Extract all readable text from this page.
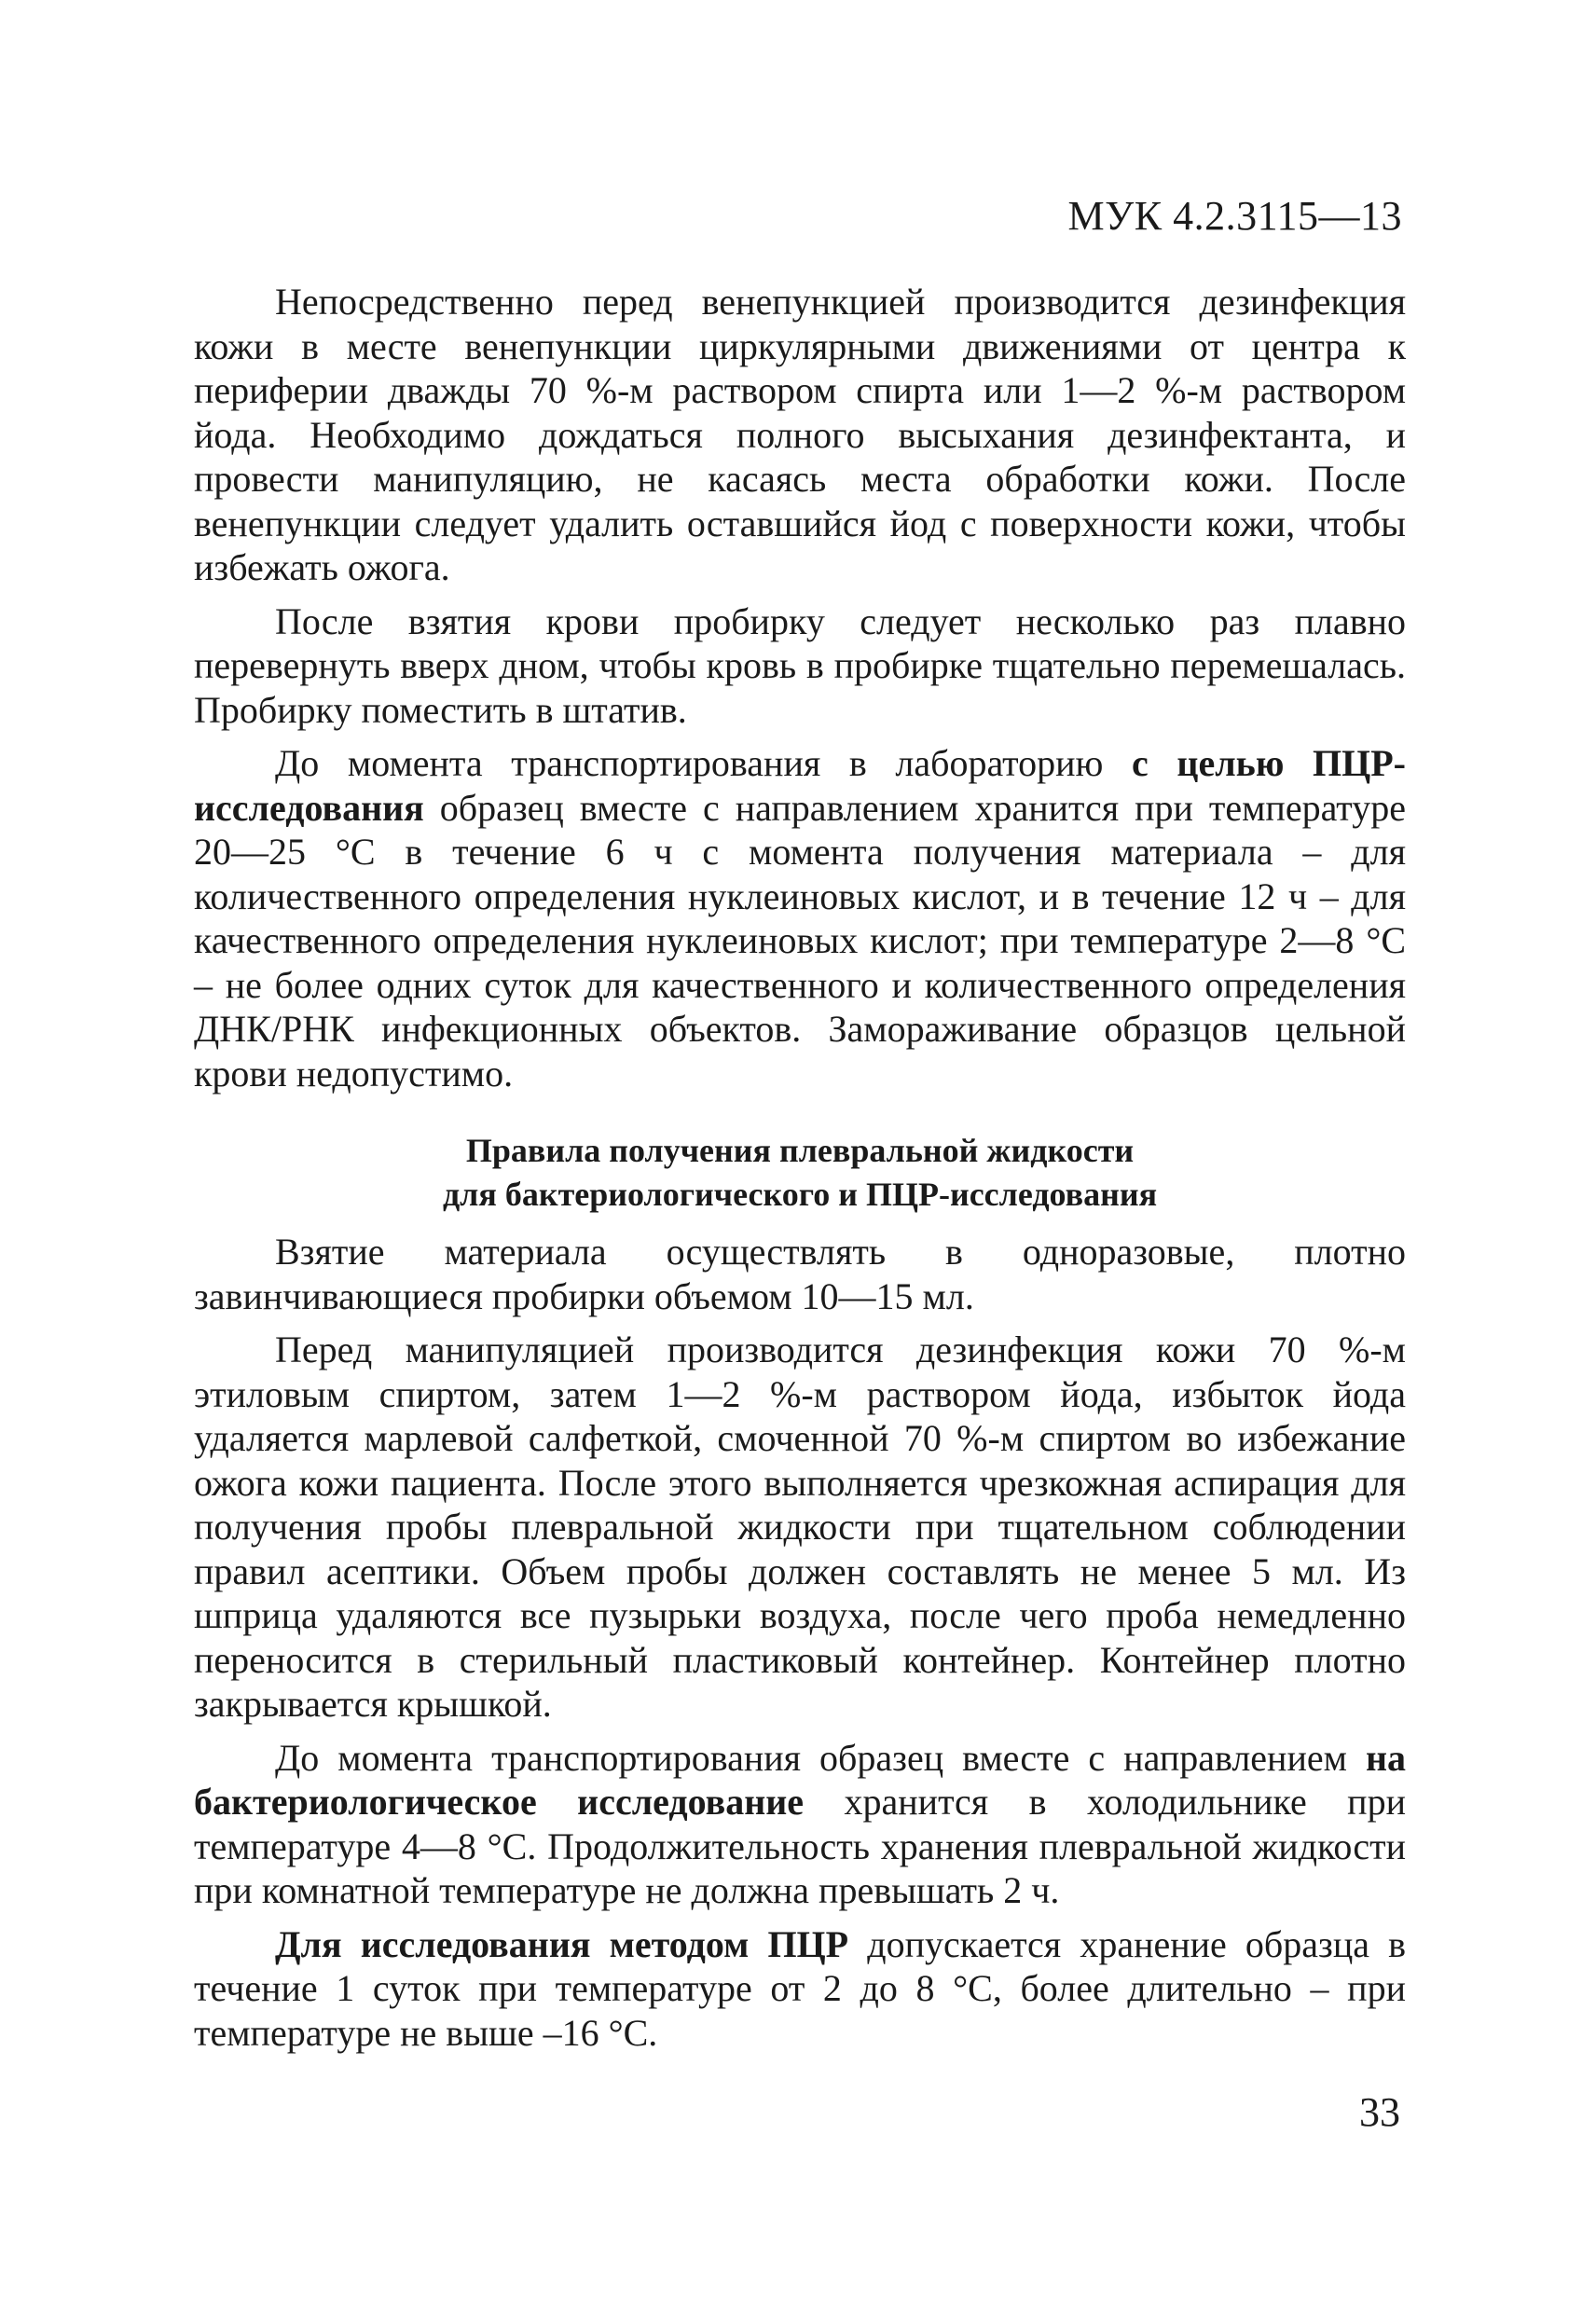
МУК 4.2.3115—13

Непосредственно перед венепункцией производится дезинфекция кожи в месте венепункции циркулярными движениями от центра к периферии дважды 70 %-м раствором спирта или 1—2 %-м раствором йода. Необходимо дождаться полного высыхания дезинфектанта, и провести манипуляцию, не касаясь места обработки кожи. После венепункции следует удалить оставшийся йод с поверхности кожи, чтобы избежать ожога.

После взятия крови пробирку следует несколько раз плавно перевернуть вверх дном, чтобы кровь в пробирке тщательно перемешалась. Пробирку поместить в штатив.

До момента транспортирования в лабораторию с целью ПЦР-исследования образец вместе с направлением хранится при температуре 20—25 °С в течение 6 ч с момента получения материала – для количественного определения нуклеиновых кислот, и в течение 12 ч – для качественного определения нуклеиновых кислот; при температуре 2—8 °С – не более одних суток для качественного и количественного определения ДНК/РНК инфекционных объектов. Замораживание образцов цельной крови недопустимо.

Правила получения плевральной жидкости
для бактериологического и ПЦР-исследования

Взятие материала осуществлять в одноразовые, плотно завинчивающиеся пробирки объемом 10—15 мл.

Перед манипуляцией производится дезинфекция кожи 70 %-м этиловым спиртом, затем 1—2 %-м раствором йода, избыток йода удаляется марлевой салфеткой, смоченной 70 %-м спиртом во избежание ожога кожи пациента. После этого выполняется чрезкожная аспирация для получения пробы плевральной жидкости при тщательном соблюдении правил асептики. Объем пробы должен составлять не менее 5 мл. Из шприца удаляются все пузырьки воздуха, после чего проба немедленно переносится в стерильный пластиковый контейнер. Контейнер плотно закрывается крышкой.

До момента транспортирования образец вместе с направлением на бактериологическое исследование хранится в холодильнике при температуре 4—8 °С. Продолжительность хранения плевральной жидкости при комнатной температуре не должна превышать 2 ч.

Для исследования методом ПЦР допускается хранение образца в течение 1 суток при температуре от 2 до 8 °С, более длительно – при температуре не выше –16 °С.

33
